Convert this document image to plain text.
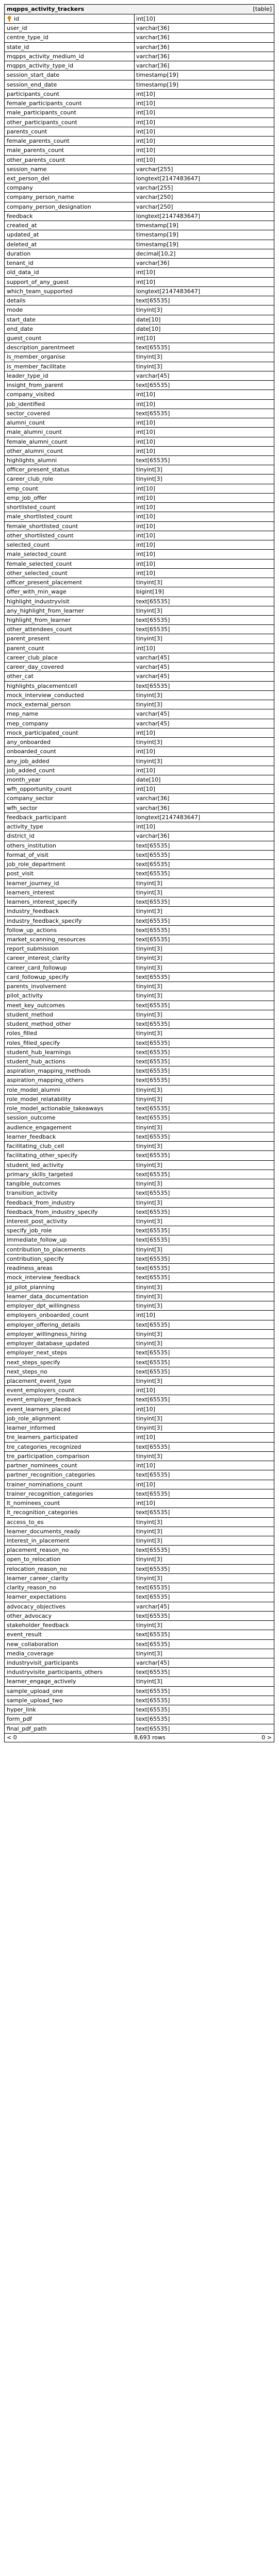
mqpps_activity_trackers	[table]
id	int[10]
user_id	varchar[36]
centre_type_id	varchar[36]
state_id	varchar[36]
mqpps_activity_medium_id	varchar[36]
mqpps_activity_type_id	varchar[36]
session_start_date	timestamp[19]
session_end_date	timestamp[19]
participants_count	int[10]
female_participants_count	int[10]
male_participants_count	int[10]
other_participants_count	int[10]
parents_count	int[10]
female_parents_count	int[10]
male_parents_count	int[10]
other_parents_count	int[10]
session_name	varchar[255]
ext_person_del	longtext[2147483647]
company	varchar[255]
company_person_name	varchar[250]
company_person_designation	varchar[250]
feedback	longtext[2147483647]
created_at	timestamp[19]
updated_at	timestamp[19]
deleted_at	timestamp[19]
duration	decimal[10,2]
tenant_id	varchar[36]
old_data_id	int[10]
support_of_any_guest	int[10]
which_team_supported	longtext[2147483647]
details	text[65535]
mode	tinyint[3]
start_date	date[10]
end_date	date[10]
guest_count	int[10]
description_parentmeet	text[65535]
is_member_organise	tinyint[3]
is_member_facilitate	tinyint[3]
leader_type_id	varchar[45]
insight_from_parent	text[65535]
company_visited	int[10]
job_identified	int[10]
sector_covered	text[65535]
alumni_count	int[10]
male_alumni_count	int[10]
female_alumni_count	int[10]
other_alumni_count	int[10]
highlights_alumni	text[65535]
officer_present_status	tinyint[3]
career_club_role	tinyint[3]
emp_count	int[10]
emp_job_offer	int[10]
shortlisted_count	int[10]
male_shortlisted_count	int[10]
female_shortlisted_count	int[10]
other_shortlisted_count	int[10]
selected_count	int[10]
male_selected_count	int[10]
female_selected_count	int[10]
other_selected_count	int[10]
officer_present_placement	tinyint[3]
offer_with_min_wage	bigint[19]
highlight_industryvisit	text[65535]
any_highlight_from_learner	tinyint[3]
highlight_from_learner	text[65535]
other_attendees_count	text[65535]
parent_present	tinyint[3]
parent_count	int[10]
career_club_place	varchar[45]
career_day_covered	varchar[45]
other_cat	varchar[45]
highlights_placementcell	text[65535]
mock_interview_conducted	tinyint[3]
mock_external_person	tinyint[3]
mep_name	varchar[45]
mep_company	varchar[45]
mock_participated_count	int[10]
any_onboarded	tinyint[3]
onboarded_count	int[10]
any_job_added	tinyint[3]
job_added_count	int[10]
month_year	date[10]
wfh_opportunity_count	int[10]
company_sector	varchar[36]
wfh_sector	varchar[36]
feedback_participant	longtext[2147483647]
activity_type	int[10]
district_id	varchar[36]
others_institution	text[65535]
format_of_visit	text[65535]
job_role_department	text[65535]
post_visit	text[65535]
learner_journey_id	tinyint[3]
learners_interest	tinyint[3]
learners_interest_specify	text[65535]
industry_feedback	tinyint[3]
industry_feedback_specify	text[65535]
follow_up_actions	text[65535]
market_scanning_resources	text[65535]
report_submission	tinyint[3]
career_interest_clarity	tinyint[3]
career_card_followup	tinyint[3]
card_followup_specify	text[65535]
parents_involvement	tinyint[3]
pilot_activity	tinyint[3]
meet_key_outcomes	text[65535]
student_method	tinyint[3]
student_method_other	text[65535]
roles_filled	tinyint[3]
roles_filled_specify	text[65535]
student_hub_learnings	text[65535]
student_hub_actions	text[65535]
aspiration_mapping_methods	text[65535]
aspiration_mapping_others	text[65535]
role_model_alumni	tinyint[3]
role_model_relatability	tinyint[3]
role_model_actionable_takeaways	text[65535]
session_outcome	text[65535]
audience_engagement	tinyint[3]
learner_feedback	text[65535]
facilitating_club_cell	tinyint[3]
facilitating_other_specify	text[65535]
student_led_activity	tinyint[3]
primary_skills_targeted	text[65535]
tangible_outcomes	tinyint[3]
transition_activity	text[65535]
feedback_from_industry	tinyint[3]
feedback_from_industry_specify	text[65535]
interest_post_activity	tinyint[3]
specify_job_role	text[65535]
immediate_follow_up	text[65535]
contribution_to_placements	tinyint[3]
contribution_specify	text[65535]
readiness_areas	text[65535]
mock_interview_feedback	text[65535]
jd_pilot_planning	tinyint[3]
learner_data_documentation	tinyint[3]
employer_dpt_willingness	tinyint[3]
employers_onboarded_count	int[10]
employer_offering_details	text[65535]
employer_willingness_hiring	tinyint[3]
employer_database_updated	tinyint[3]
employer_next_steps	text[65535]
next_steps_specify	text[65535]
next_steps_no	text[65535]
placement_event_type	tinyint[3]
event_employers_count	int[10]
event_employer_feedback	text[65535]
event_learners_placed	int[10]
job_role_alignment	tinyint[3]
learner_informed	tinyint[3]
tre_learners_participated	int[10]
tre_categories_recognized	text[65535]
tre_participation_comparison	tinyint[3]
partner_nominees_count	int[10]
partner_recognition_categories	text[65535]
trainer_nominations_count	int[10]
trainer_recognition_categories	text[65535]
lt_nominees_count	int[10]
lt_recognition_categories	text[65535]
access_to_es	tinyint[3]
learner_documents_ready	tinyint[3]
interest_in_placement	tinyint[3]
placement_reason_no	text[65535]
open_to_relocation	tinyint[3]
relocation_reason_no	text[65535]
learner_career_clarity	tinyint[3]
clarity_reason_no	text[65535]
learner_expectations	text[65535]
advocacy_objectives	varchar[45]
other_advocacy	text[65535]
stakeholder_feedback	tinyint[3]
event_result	text[65535]
new_collaboration	text[65535]
media_coverage	tinyint[3]
industryvisit_participants	varchar[45]
industryvisite_participants_others	text[65535]
learner_engage_actively	tinyint[3]
sample_upload_one	text[65535]
sample_upload_two	text[65535]
hyper_link	text[65535]
form_pdf	text[65535]
final_pdf_path	text[65535]
< 0	8,693 rows	0 >
